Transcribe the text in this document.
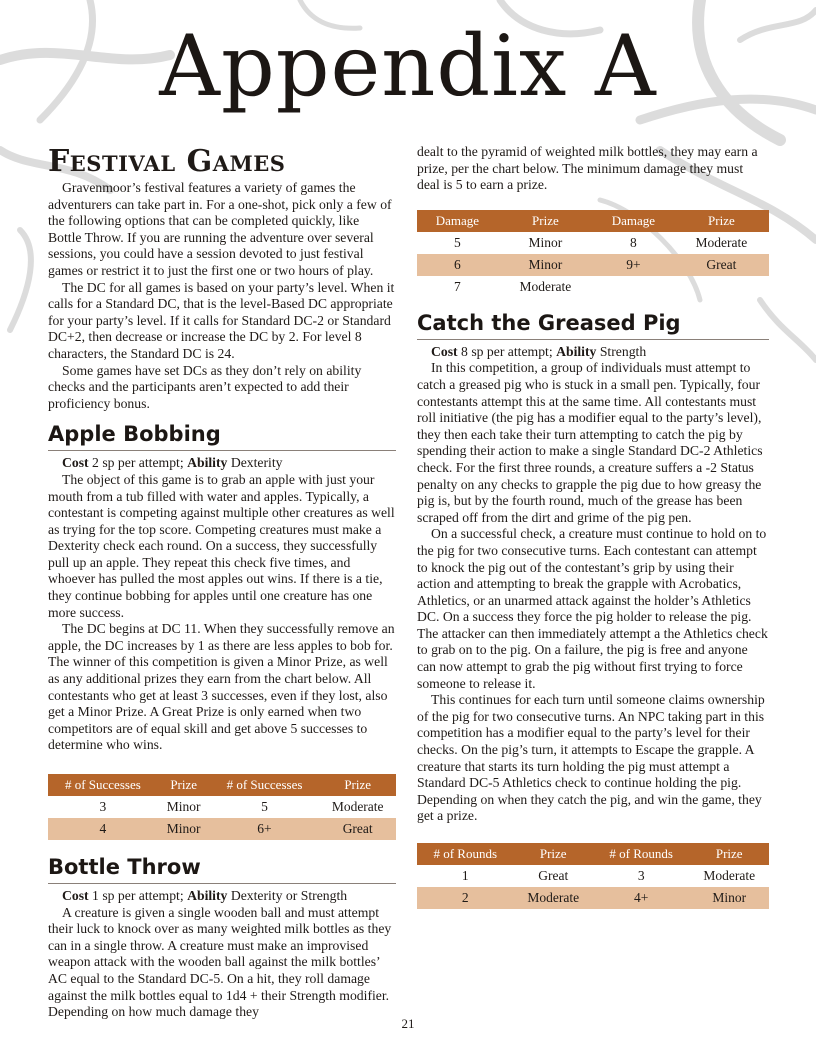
Appendix A
Festival Games

Gravenmoor’s festival features a variety of games the adventurers can take part in. For a one-shot, pick only a few of the following options that can be completed quickly, like Bottle Throw. If you are running the adventure over several sessions, you could have a session devoted to just festival games or restrict it to just the first one or two hours of play.

The DC for all games is based on your party’s level. When it calls for a Standard DC, that is the level-Based DC appropriate for your party’s level. If it calls for Standard DC-2 or Standard DC+2, then decrease or increase the DC by 2. For level 8 characters, the Standard DC is 24.

Some games have set DCs as they don’t rely on ability checks and the participants aren’t expected to add their proficiency bonus.

Apple Bobbing

Cost 2 sp per attempt; Ability Dexterity

The object of this game is to grab an apple with just your mouth from a tub filled with water and apples. Typically, a contestant is competing against multiple other creatures as well as trying for the top score. Competing creatures must make a Dexterity check each round. On a success, they successfully pull up an apple. They repeat this check five times, and whoever has pulled the most apples out wins. If there is a tie, they continue bobbing for apples until one creature has one more success.

The DC begins at DC 11. When they successfully remove an apple, the DC increases by 1 as there are less apples to bob for. The winner of this competition is given a Minor Prize, as well as any additional prizes they earn from the chart below. All contestants who get at least 3 successes, even if they lost, also get a Minor Prize. A Great Prize is only earned when two competitors are of equal skill and get above 5 successes to determine who wins.

# of Successes	Prize	# of Successes	Prize
3	Minor	5	Moderate
4	Minor	6+	Great
Bottle Throw

Cost 1 sp per attempt; Ability Dexterity or Strength

A creature is given a single wooden ball and must attempt their luck to knock over as many weighted milk bottles as they can in a single throw. A creature must make an improvised weapon attack with the wooden ball against the milk bottles’ AC equal to the Standard DC-5. On a hit, they roll damage against the milk bottles equal to 1d4 + their Strength modifier. Depending on how much damage they

dealt to the pyramid of weighted milk bottles, they may earn a prize, per the chart below. The minimum damage they must deal is 5 to earn a prize.

Damage	Prize	Damage	Prize
5	Minor	8	Moderate
6	Minor	9+	Great
7	Moderate		
Catch the Greased Pig

Cost 8 sp per attempt; Ability Strength

In this competition, a group of individuals must attempt to catch a greased pig who is stuck in a small pen. Typically, four contestants attempt this at the same time. All contestants must roll initiative (the pig has a modifier equal to the party’s level), they then each take their turn attempting to catch the pig by spending their action to make a single Standard DC-2 Athletics check. For the first three rounds, a creature suffers a -2 Status penalty on any checks to grapple the pig due to how greasy the pig is, but by the fourth round, much of the grease has been scraped off from the dirt and grime of the pig pen.

On a successful check, a creature must continue to hold on to the pig for two consecutive turns. Each contestant can attempt to knock the pig out of the contestant’s grip by using their action and attempting to break the grapple with Acrobatics, Athletics, or an unarmed attack against the holder’s Athletics DC. On a success they force the pig holder to release the pig. The attacker can then immediately attempt a the Athletics check to grab on to the pig. On a failure, the pig is free and anyone can now attempt to grab the pig without first trying to force someone to release it.

This continues for each turn until someone claims ownership of the pig for two consecutive turns. An NPC taking part in this competition has a modifier equal to the party’s level for their checks. On the pig’s turn, it attempts to Escape the grapple. A creature that starts its turn holding the pig must attempt a Standard DC-5 Athletics check to continue holding the pig. Depending on when they catch the pig, and win the game, they get a prize.

# of Rounds	Prize	# of Rounds	Prize
1	Great	3	Moderate
2	Moderate	4+	Minor
21
